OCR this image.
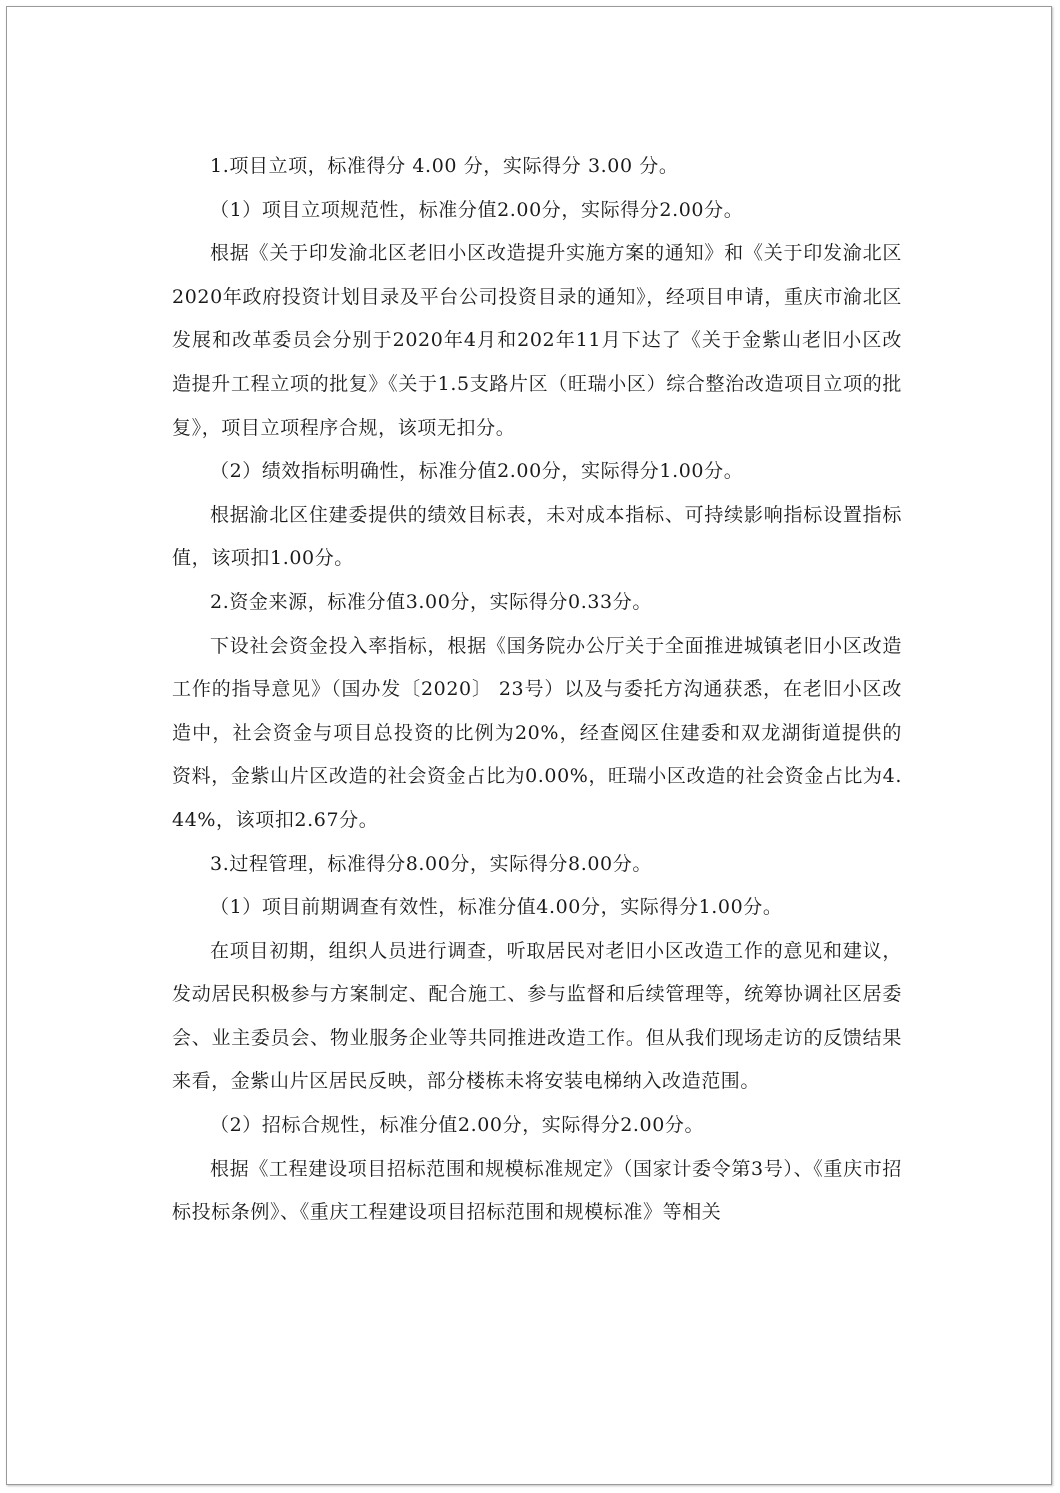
1.项目立项，标准得分 4.00 分，实际得分 3.00 分。

（1）项目立项规范性，标准分值2.00分，实际得分2.00分。

根据《关于印发渝北区老旧小区改造提升实施方案的通知》和《关于印发渝北区2020年政府投资计划目录及平台公司投资目录的通知》，经项目申请，重庆市渝北区发展和改革委员会分别于2020年4月和202年11月下达了《关于金紫山老旧小区改造提升工程立项的批复》《关于1.5支路片区（旺瑞小区）综合整治改造项目立项的批复》，项目立项程序合规，该项无扣分。

（2）绩效指标明确性，标准分值2.00分，实际得分1.00分。

根据渝北区住建委提供的绩效目标表，未对成本指标、可持续影响指标设置指标值，该项扣1.00分。

2.资金来源，标准分值3.00分，实际得分0.33分。

下设社会资金投入率指标，根据《国务院办公厅关于全面推进城镇老旧小区改造工作的指导意见》（国办发〔2020〕 23号）以及与委托方沟通获悉，在老旧小区改造中，社会资金与项目总投资的比例为20%，经查阅区住建委和双龙湖街道提供的资料，金紫山片区改造的社会资金占比为0.00%，旺瑞小区改造的社会资金占比为4.44%，该项扣2.67分。

3.过程管理，标准得分8.00分，实际得分8.00分。

（1）项目前期调查有效性，标准分值4.00分，实际得分1.00分。

在项目初期，组织人员进行调查，听取居民对老旧小区改造工作的意见和建议，发动居民积极参与方案制定、配合施工、参与监督和后续管理等，统筹协调社区居委会、业主委员会、物业服务企业等共同推进改造工作。但从我们现场走访的反馈结果来看，金紫山片区居民反映，部分楼栋未将安装电梯纳入改造范围。

（2）招标合规性，标准分值2.00分，实际得分2.00分。

根据《工程建设项目招标范围和规模标准规定》（国家计委令第3号）、《重庆市招标投标条例》、《重庆工程建设项目招标范围和规模标准》等相关
